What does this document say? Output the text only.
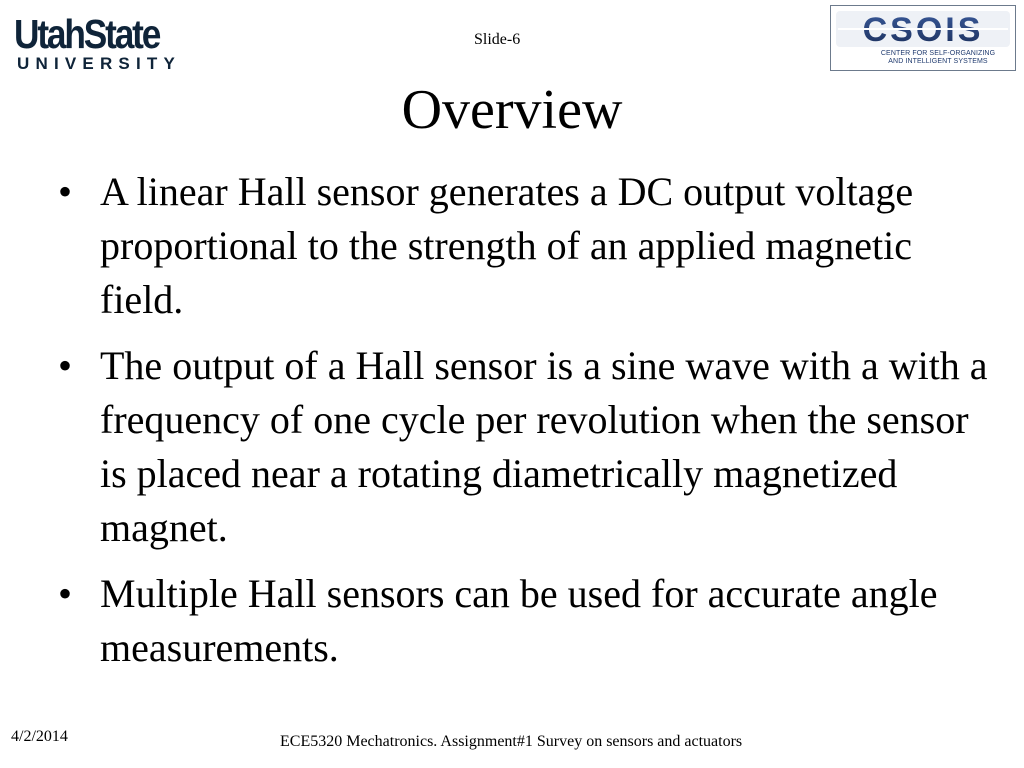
UtahState
UNIVERSITY
Slide-6	CSOIS
CENTER FOR SELF-ORGANIZING
AND INTELLIGENT SYSTEMS
Overview
• A linear Hall sensor generates a DC output voltage proportional to the strength of an applied magnetic field.
• The output of a Hall sensor is a sine wave with a with a frequency of one cycle per revolution when the sensor is placed near a rotating diametrically magnetized magnet.
• Multiple Hall sensors can be used for accurate angle measurements.
4/2/2014	ECE5320 Mechatronics. Assignment#1 Survey on sensors and actuators
